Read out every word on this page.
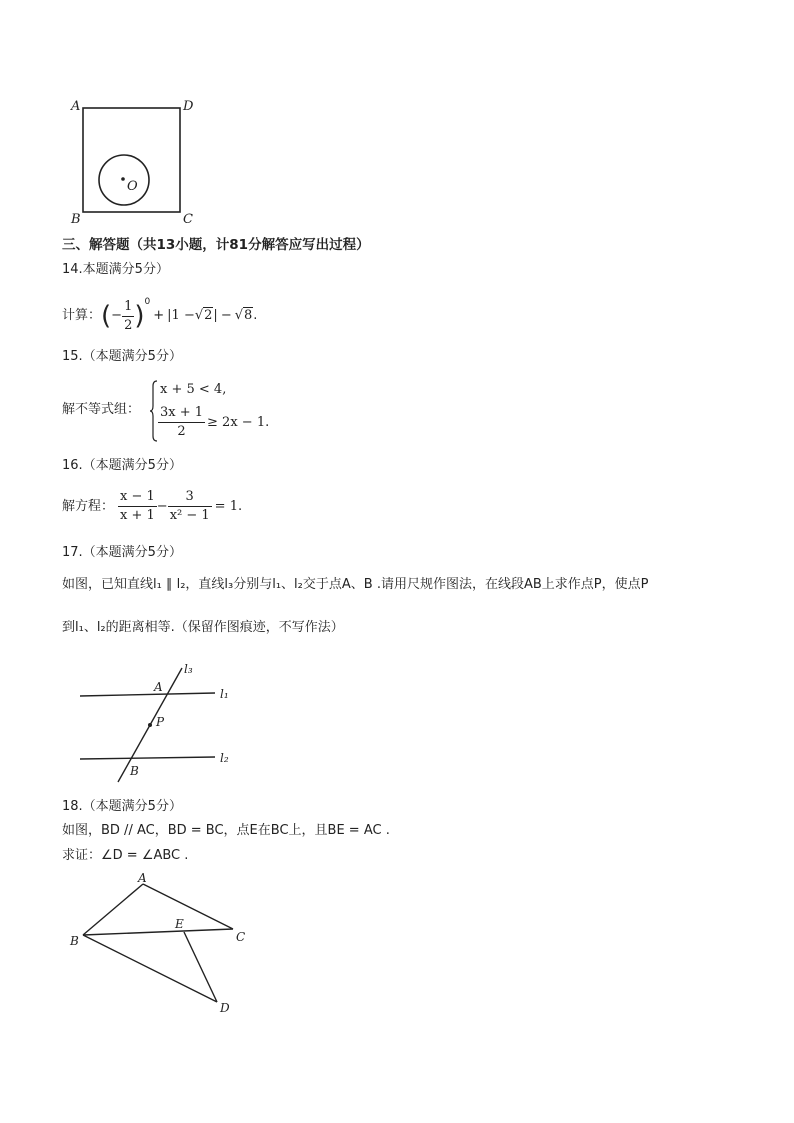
A	D
B	C
O
三、解答题（共13小题，计81分解答应写出过程）
14.本题满分5分）
计算： ( − $\frac{1}{2} )^0$
+ | 1 − √2 | − √8 .
15.（本题满分5分）
解不等式组：
x + 5 < 4,
$\frac{3x + 1}{2} \ge 2x - 1$.
16.（本题满分5分）
解方程： $\frac{x - 1}{x + 1} - \frac{3}{\text{x² − 1}} = 1$.
17.（本题满分5分）
如图，已知直线l₁ ∥ l₂，直线l₃分别与l₁、l₂交于点A、B .请用尺规作图法，在线段AB上求作点P，使点P
到l₁、l₂的距离相等.（保留作图痕迹，不写作法）
l₃
A	l₁
P
B
l₂
18.（本题满分5分）
如图，BD // AC，BD = BC，点E在BC上，且BE = AC .
求证：∠D = ∠ABC .
A
B
E
C
D
